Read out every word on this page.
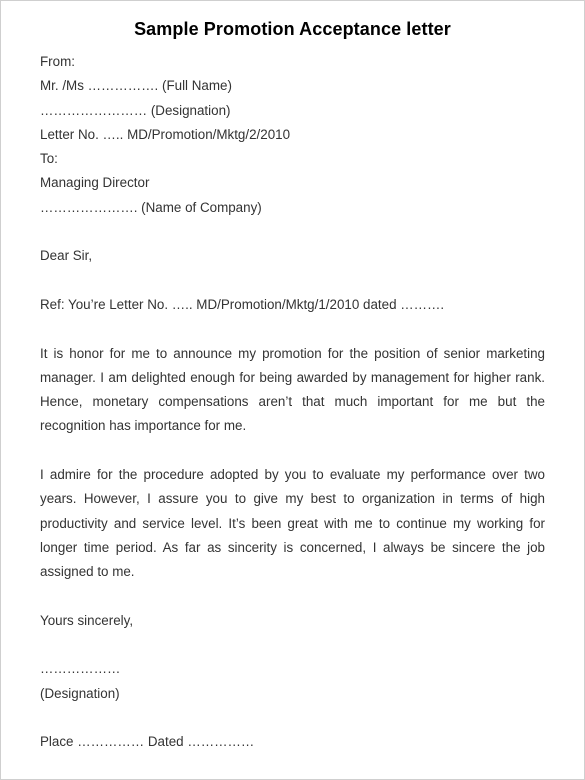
Sample Promotion Acceptance letter
From:
Mr. /Ms ……………. (Full Name)
…………………… (Designation)
Letter No. ….. MD/Promotion/Mktg/2/2010
To:
Managing Director
…………………. (Name of Company)
Dear Sir,
Ref: You’re Letter No. ….. MD/Promotion/Mktg/1/2010 dated ……….

It is honor for me to announce my promotion for the position of senior marketing manager. I am delighted enough for being awarded by management for higher rank. Hence, monetary compensations aren’t that much important for me but the recognition has importance for me.

I admire for the procedure adopted by you to evaluate my performance over two years. However, I assure you to give my best to organization in terms of high productivity and service level. It’s been great with me to continue my working for longer time period. As far as sincerity is concerned, I always be sincere the job assigned to me.

Yours sincerely,
………………
(Designation)
Place …………… Dated ……………
